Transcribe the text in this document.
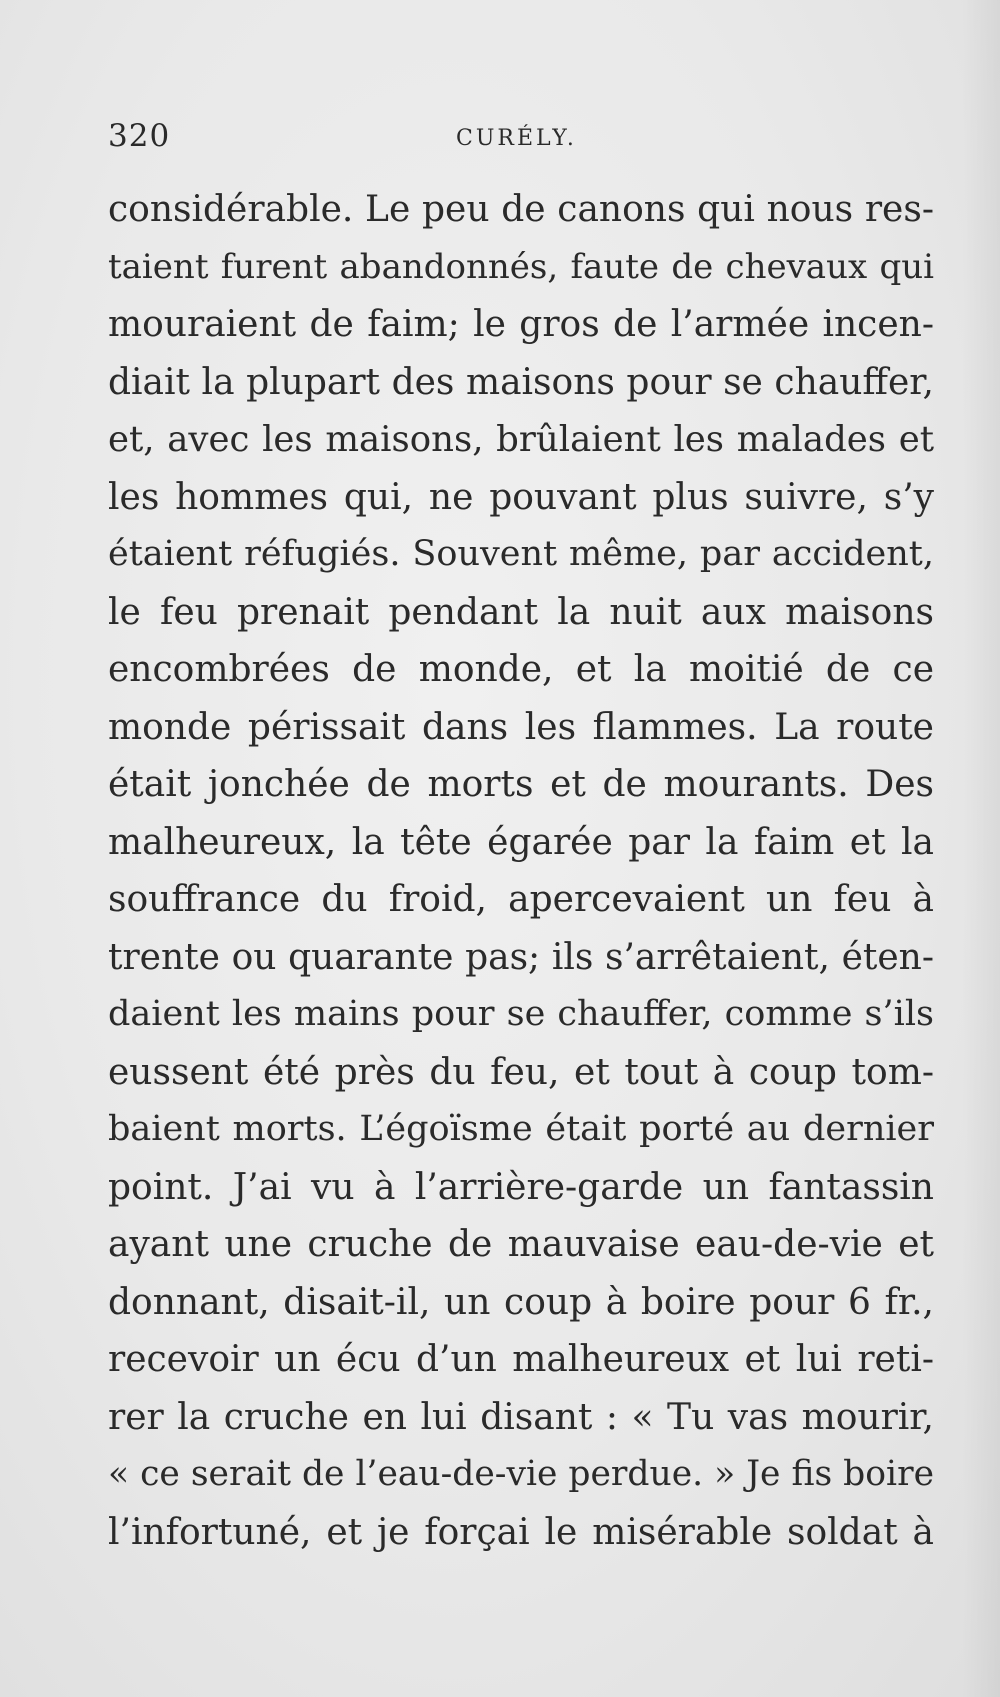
320	CURÉLY.
considérable. Le peu de canons qui nous res-
taient furent abandonnés, faute de chevaux qui
mouraient de faim; le gros de l’armée incen-
diait la plupart des maisons pour se chauffer,
et, avec les maisons, brûlaient les malades et
les hommes qui, ne pouvant plus suivre, s’y
étaient réfugiés. Souvent même, par accident,
le feu prenait pendant la nuit aux maisons
encombrées de monde, et la moitié de ce
monde périssait dans les flammes. La route
était jonchée de morts et de mourants. Des
malheureux, la tête égarée par la faim et la
souffrance du froid, apercevaient un feu à
trente ou quarante pas; ils s’arrêtaient, éten-
daient les mains pour se chauffer, comme s’ils
eussent été près du feu, et tout à coup tom-
baient morts. L’égoïsme était porté au dernier
point. J’ai vu à l’arrière-garde un fantassin
ayant une cruche de mauvaise eau-de-vie et
donnant, disait-il, un coup à boire pour 6 fr.,
recevoir un écu d’un malheureux et lui reti-
rer la cruche en lui disant : « Tu vas mourir,
« ce serait de l’eau-de-vie perdue. » Je fis boire
l’infortuné, et je forçai le misérable soldat à
